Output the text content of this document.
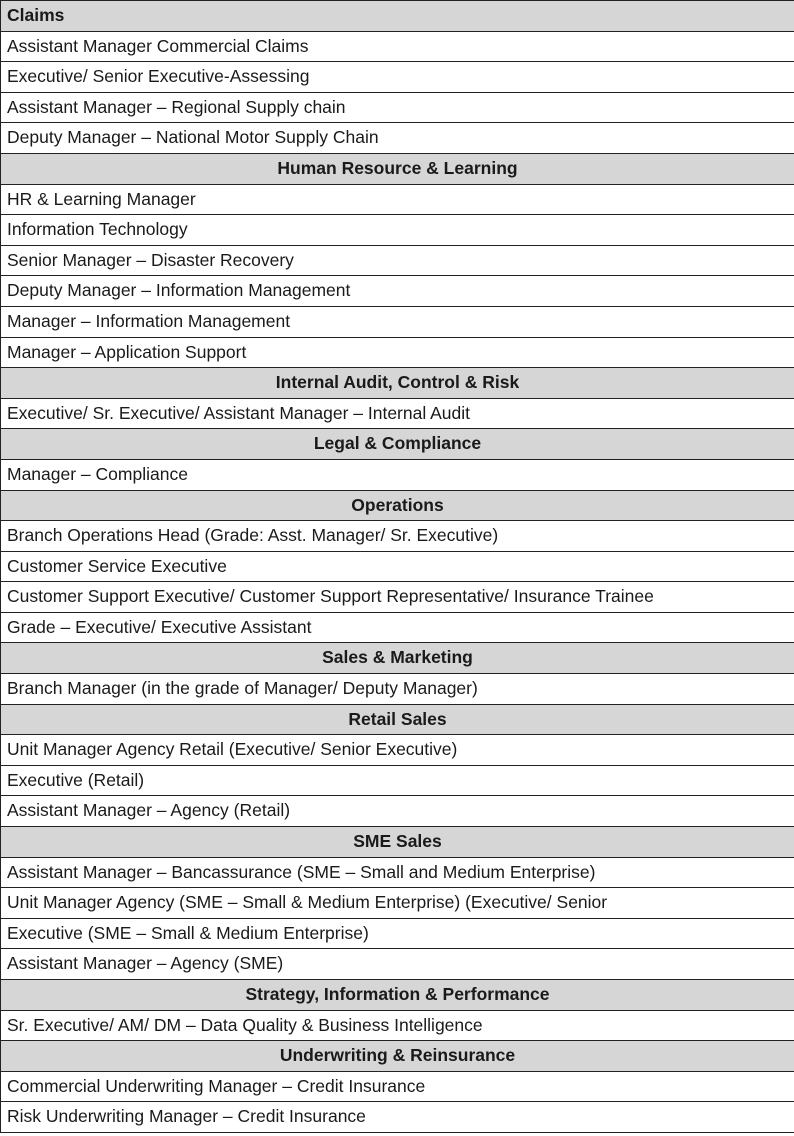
Claims
Assistant Manager Commercial Claims
Executive/ Senior Executive-Assessing
Assistant Manager – Regional Supply chain
Deputy Manager – National Motor Supply Chain
Human Resource & Learning
HR & Learning Manager
Information Technology
Senior Manager – Disaster Recovery
Deputy Manager – Information Management
Manager – Information Management
Manager – Application Support
Internal Audit, Control & Risk
Executive/ Sr. Executive/ Assistant Manager – Internal Audit
Legal & Compliance
Manager – Compliance
Operations
Branch Operations Head (Grade: Asst. Manager/ Sr. Executive)
Customer Service Executive
Customer Support Executive/ Customer Support Representative/ Insurance Trainee
Grade – Executive/ Executive Assistant
Sales & Marketing
Branch Manager (in the grade of Manager/ Deputy Manager)
Retail Sales
Unit Manager Agency Retail (Executive/ Senior Executive)
Executive (Retail)
Assistant Manager – Agency (Retail)
SME Sales
Assistant Manager – Bancassurance (SME – Small and Medium Enterprise)
Unit Manager Agency (SME – Small & Medium Enterprise) (Executive/ Senior
Executive (SME – Small & Medium Enterprise)
Assistant Manager – Agency (SME)
Strategy, Information & Performance
Sr. Executive/ AM/ DM – Data Quality & Business Intelligence
Underwriting & Reinsurance
Commercial Underwriting Manager – Credit Insurance
Risk Underwriting Manager – Credit Insurance
